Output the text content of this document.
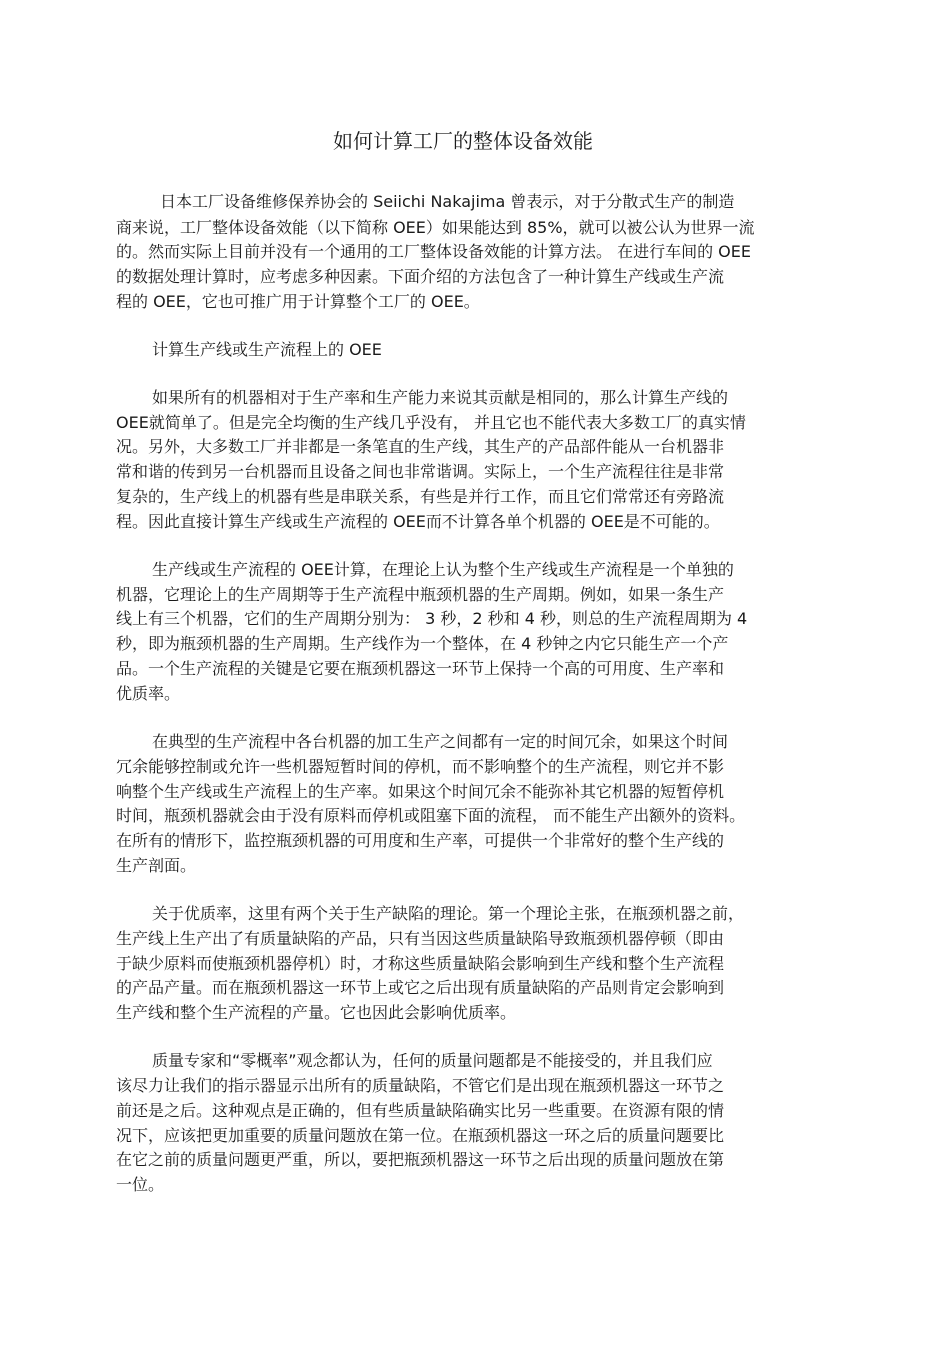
如何计算工厂的整体设备效能

日本工厂设备维修保养协会的 Seiichi Nakajima 曾表示，对于分散式生产的制造

商来说，工厂整体设备效能（以下简称 OEE）如果能达到 85%，就可以被公认为世界一流

的。然而实际上目前并没有一个通用的工厂整体设备效能的计算方法。 在进行车间的 OEE

的数据处理计算时，应考虑多种因素。下面介绍的方法包含了一种计算生产线或生产流

程的 OEE，它也可推广用于计算整个工厂的 OEE。

计算生产线或生产流程上的 OEE

如果所有的机器相对于生产率和生产能力来说其贡献是相同的，那么计算生产线的

OEE就简单了。但是完全均衡的生产线几乎没有， 并且它也不能代表大多数工厂的真实情

况。另外，大多数工厂并非都是一条笔直的生产线，其生产的产品部件能从一台机器非

常和谐的传到另一台机器而且设备之间也非常谐调。实际上，一个生产流程往往是非常

复杂的，生产线上的机器有些是串联关系，有些是并行工作，而且它们常常还有旁路流

程。因此直接计算生产线或生产流程的 OEE而不计算各单个机器的 OEE是不可能的。

生产线或生产流程的 OEE计算，在理论上认为整个生产线或生产流程是一个单独的

机器，它理论上的生产周期等于生产流程中瓶颈机器的生产周期。例如，如果一条生产

线上有三个机器，它们的生产周期分别为： 3 秒，2 秒和 4 秒，则总的生产流程周期为 4

秒，即为瓶颈机器的生产周期。生产线作为一个整体，在 4 秒钟之内它只能生产一个产

品。一个生产流程的关键是它要在瓶颈机器这一环节上保持一个高的可用度、生产率和

优质率。

在典型的生产流程中各台机器的加工生产之间都有一定的时间冗余，如果这个时间

冗余能够控制或允许一些机器短暂时间的停机，而不影响整个的生产流程，则它并不影

响整个生产线或生产流程上的生产率。如果这个时间冗余不能弥补其它机器的短暂停机

时间，瓶颈机器就会由于没有原料而停机或阻塞下面的流程， 而不能生产出额外的资料。

在所有的情形下，监控瓶颈机器的可用度和生产率，可提供一个非常好的整个生产线的

生产剖面。

关于优质率，这里有两个关于生产缺陷的理论。第一个理论主张，在瓶颈机器之前，

生产线上生产出了有质量缺陷的产品，只有当因这些质量缺陷导致瓶颈机器停顿（即由

于缺少原料而使瓶颈机器停机）时，才称这些质量缺陷会影响到生产线和整个生产流程

的产品产量。而在瓶颈机器这一环节上或它之后出现有质量缺陷的产品则肯定会影响到

生产线和整个生产流程的产量。它也因此会影响优质率。

质量专家和“零概率”观念都认为，任何的质量问题都是不能接受的，并且我们应

该尽力让我们的指示器显示出所有的质量缺陷，不管它们是出现在瓶颈机器这一环节之

前还是之后。这种观点是正确的，但有些质量缺陷确实比另一些重要。在资源有限的情

况下，应该把更加重要的质量问题放在第一位。在瓶颈机器这一环之后的质量问题要比

在它之前的质量问题更严重，所以，要把瓶颈机器这一环节之后出现的质量问题放在第

一位。
